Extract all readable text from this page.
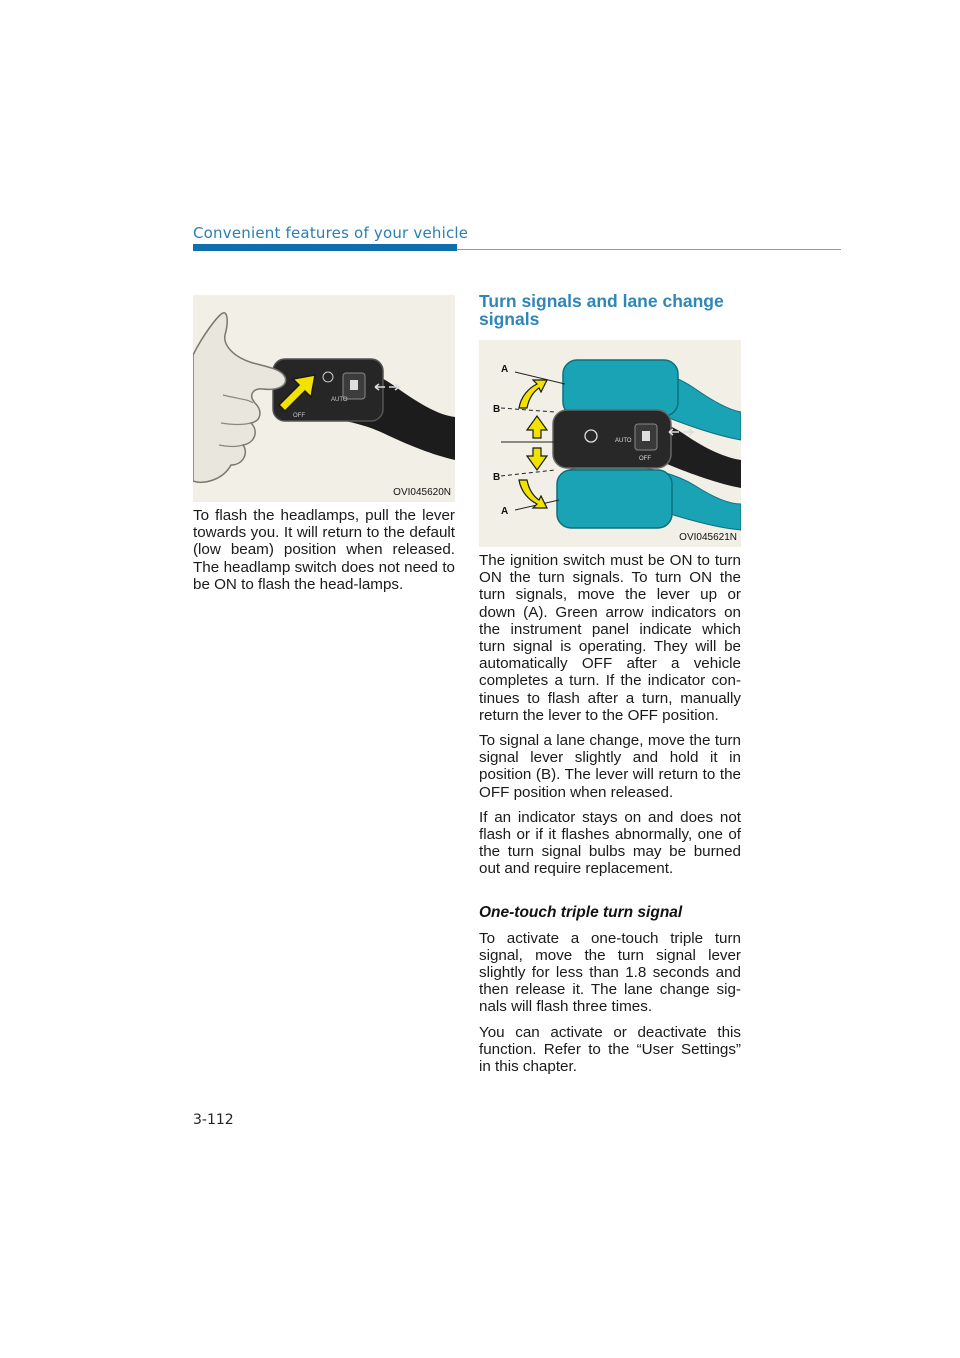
Convenient features of your vehicle
AUTO
OFF
OVI045620N

To flash the headlamps, pull the lever towards you. It will return to the default (low beam) position when released. The headlamp switch does not need to be ON to flash the head-lamps.

Turn signals and lane change signals
AUTO
OFF
A
B
B
A
OVI045621N

The ignition switch must be ON to turn ON the turn signals. To turn ON the turn signals, move the lever up or down (A). Green arrow indicators on the instrument panel indicate which turn signal is operating. They will be automatically OFF after a vehicle completes a turn. If the indicator con-tinues to flash after a turn, manually return the lever to the OFF position.

To signal a lane change, move the turn signal lever slightly and hold it in position (B). The lever will return to the OFF position when released.

If an indicator stays on and does not flash or if it flashes abnormally, one of the turn signal bulbs may be burned out and require replacement.

One-touch triple turn signal

To activate a one-touch triple turn signal, move the turn signal lever slightly for less than 1.8 seconds and then release it. The lane change sig-nals will flash three times.

You can activate or deactivate this function. Refer to the “User Settings” in this chapter.

3-112
